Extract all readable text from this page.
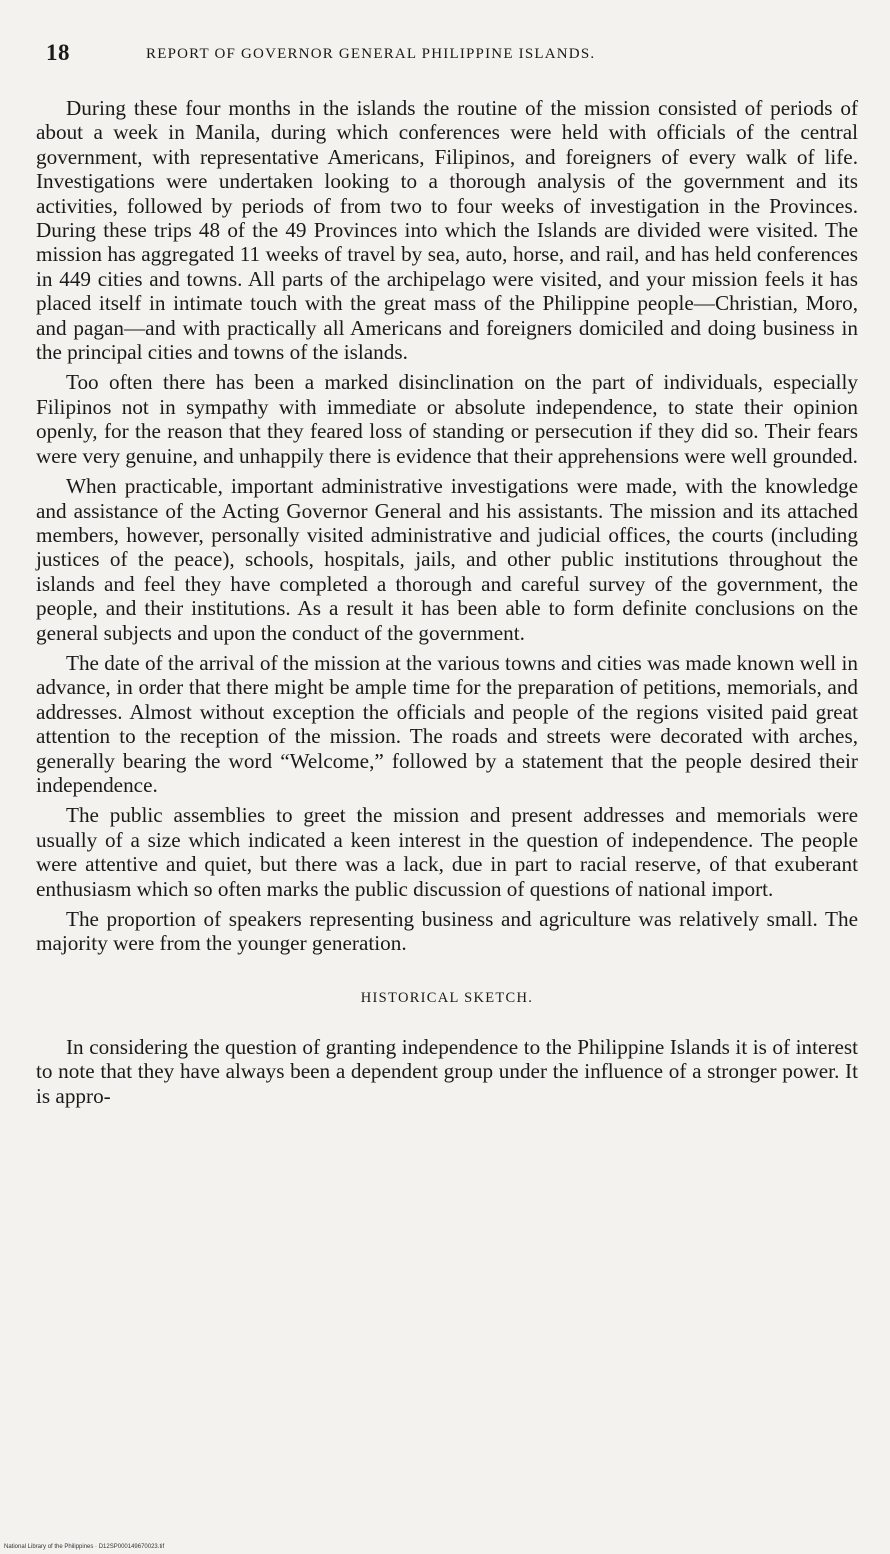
18	REPORT OF GOVERNOR GENERAL PHILIPPINE ISLANDS.

During these four months in the islands the routine of the mission consisted of periods of about a week in Manila, during which conferences were held with officials of the central government, with representative Americans, Filipinos, and foreigners of every walk of life. Investigations were undertaken looking to a thorough analysis of the government and its activities, followed by periods of from two to four weeks of investigation in the Provinces. During these trips 48 of the 49 Provinces into which the Islands are divided were visited. The mission has aggregated 11 weeks of travel by sea, auto, horse, and rail, and has held conferences in 449 cities and towns. All parts of the archipelago were visited, and your mission feels it has placed itself in intimate touch with the great mass of the Philippine people—Christian, Moro, and pagan—and with practically all Americans and foreigners domiciled and doing business in the principal cities and towns of the islands.

Too often there has been a marked disinclination on the part of individuals, especially Filipinos not in sympathy with immediate or absolute independence, to state their opinion openly, for the reason that they feared loss of standing or persecution if they did so. Their fears were very genuine, and unhappily there is evidence that their apprehensions were well grounded.

When practicable, important administrative investigations were made, with the knowledge and assistance of the Acting Governor General and his assistants. The mission and its attached members, however, personally visited administrative and judicial offices, the courts (including justices of the peace), schools, hospitals, jails, and other public institutions throughout the islands and feel they have completed a thorough and careful survey of the government, the people, and their institutions. As a result it has been able to form definite conclusions on the general subjects and upon the conduct of the government.

The date of the arrival of the mission at the various towns and cities was made known well in advance, in order that there might be ample time for the preparation of petitions, memorials, and addresses. Almost without exception the officials and people of the regions visited paid great attention to the reception of the mission. The roads and streets were decorated with arches, generally bearing the word “Welcome,” followed by a statement that the people desired their independence.

The public assemblies to greet the mission and present addresses and memorials were usually of a size which indicated a keen interest in the question of independence. The people were attentive and quiet, but there was a lack, due in part to racial reserve, of that exuberant enthusiasm which so often marks the public discussion of questions of national import.

The proportion of speakers representing business and agriculture was relatively small. The majority were from the younger generation.

HISTORICAL SKETCH.

In considering the question of granting independence to the Philippine Islands it is of interest to note that they have always been a dependent group under the influence of a stronger power. It is appro-

National Library of the Philippines · D12SP000149670023.tif
